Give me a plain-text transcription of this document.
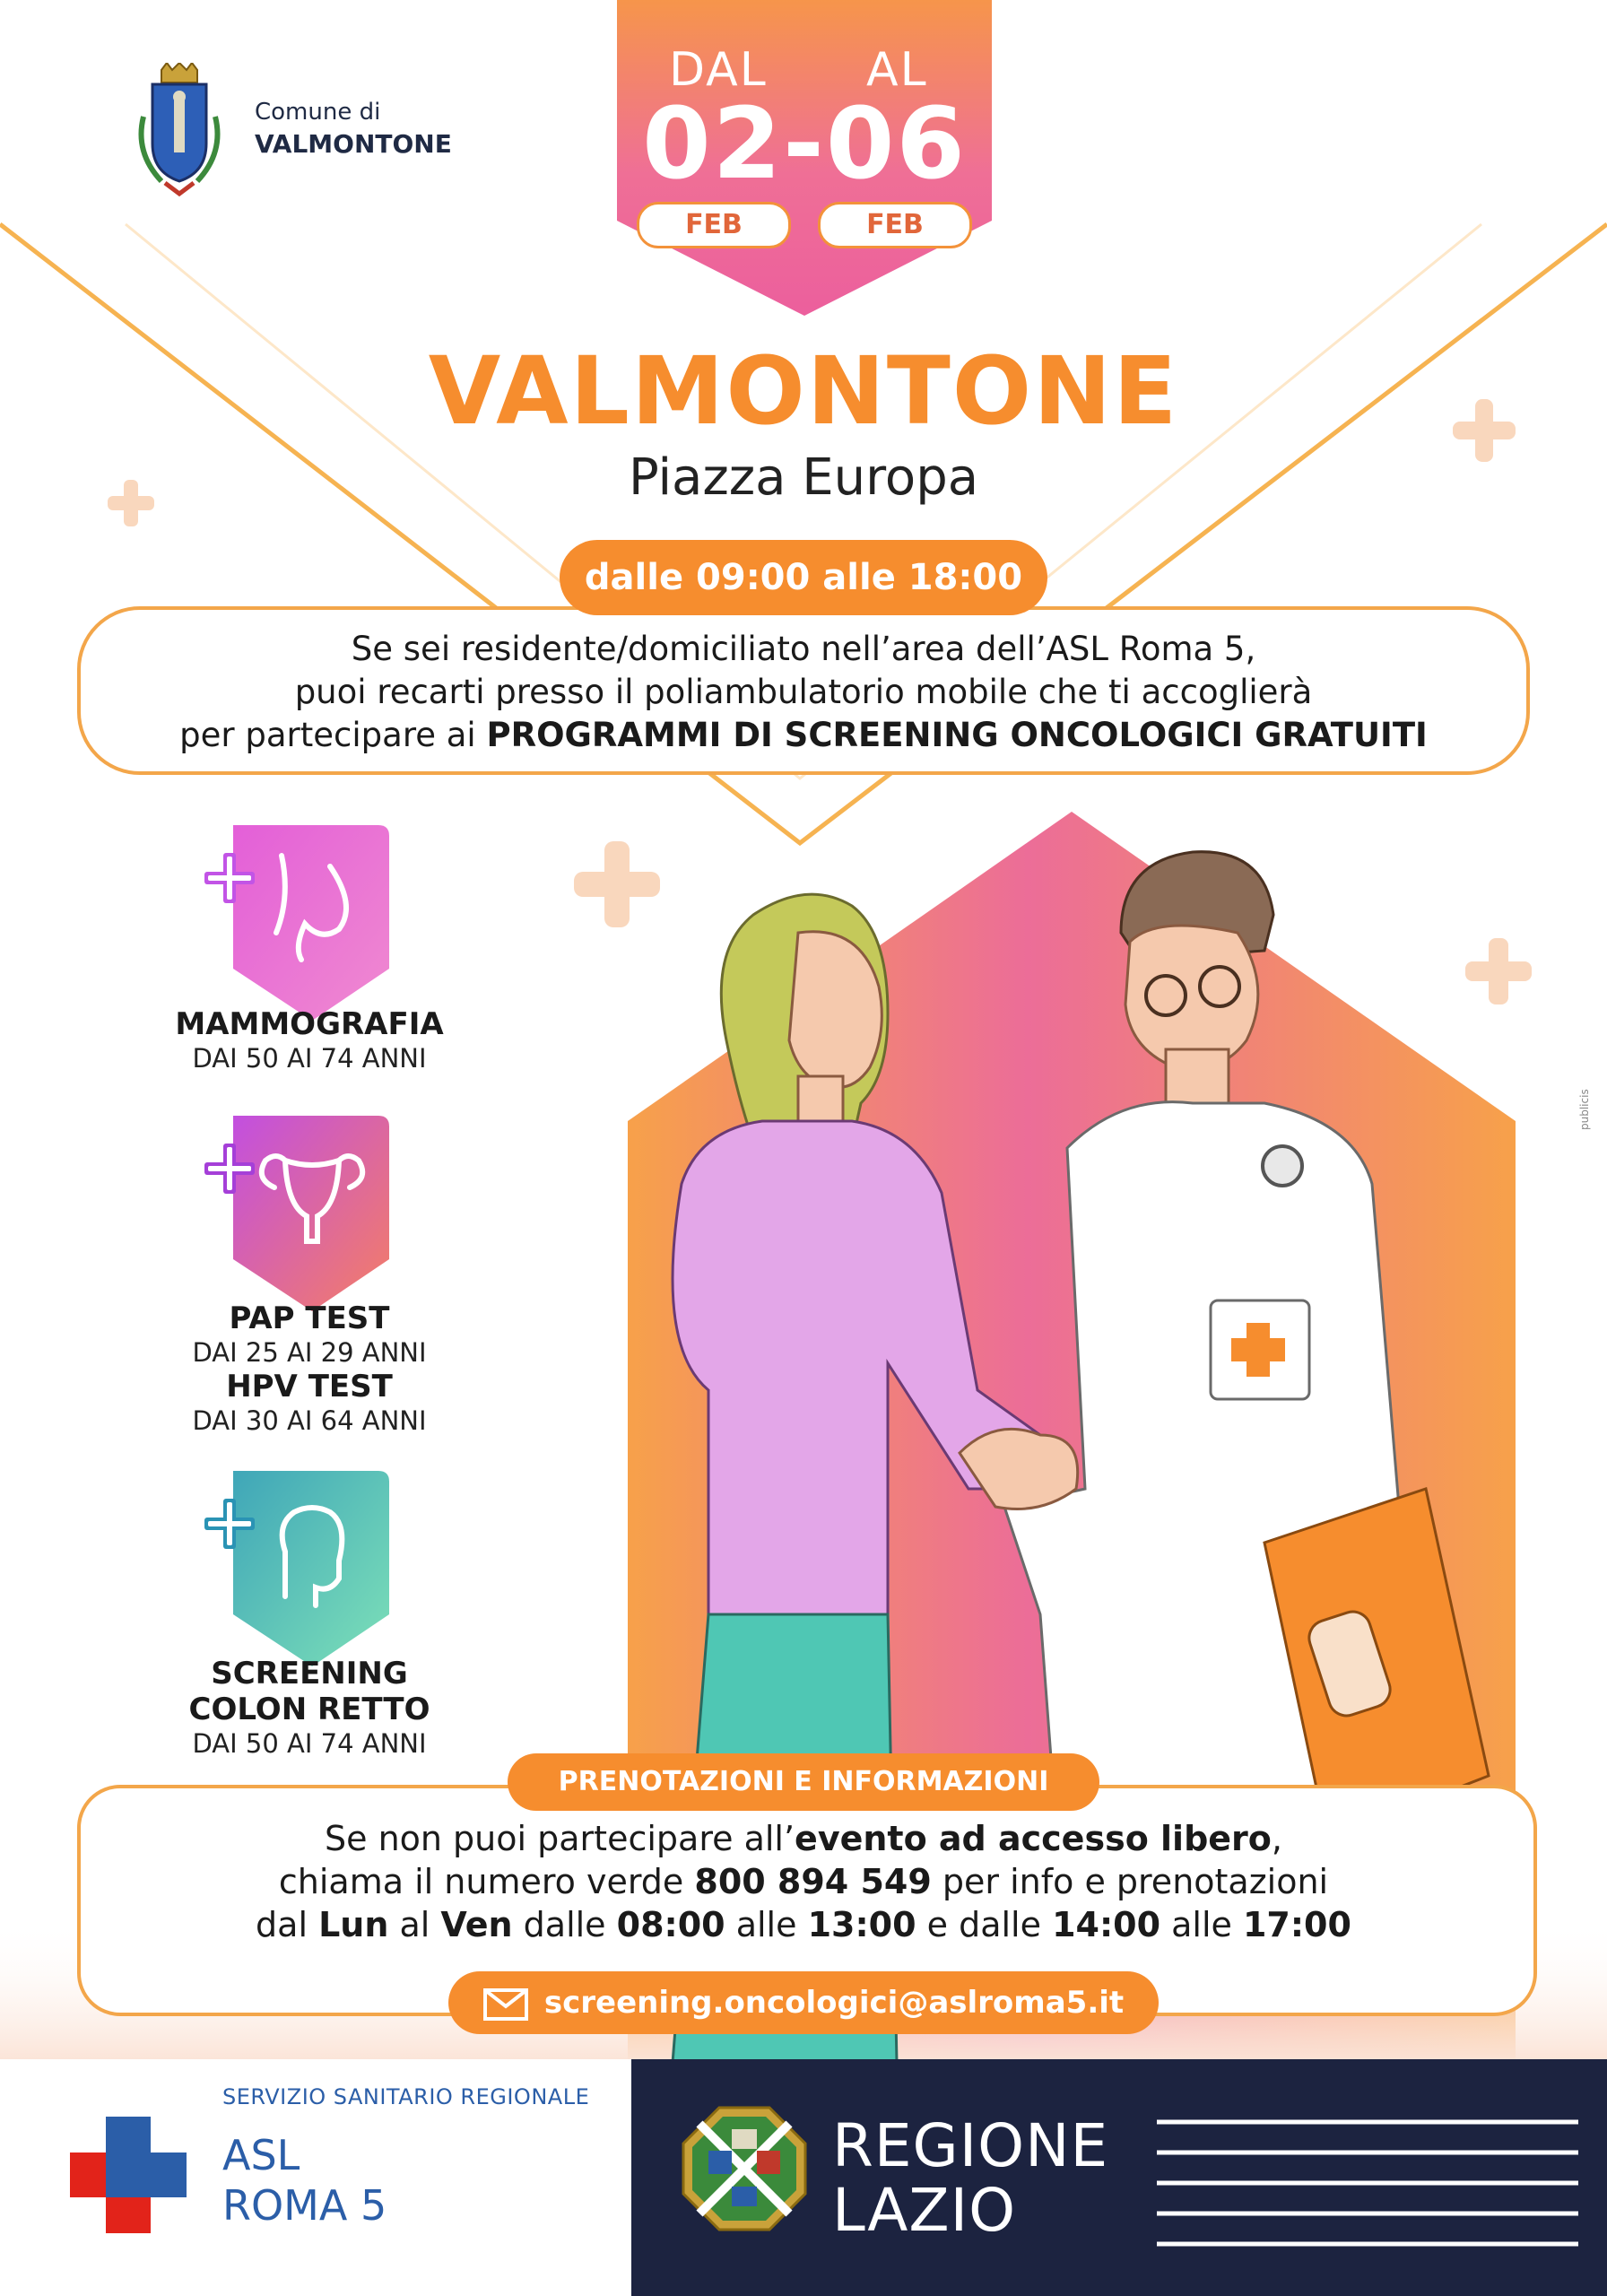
Comune di
VALMONTONE
DAL AL
02-06
FEB	FEB
VALMONTONE
Piazza Europa
Se sei residente/domiciliato nell’area dell’ASL Roma 5,
puoi recarti presso il poliambulatorio mobile che ti accoglierà
per partecipare ai PROGRAMMI DI SCREENING ONCOLOGICI GRATUITI
dalle 09:00 alle 18:00
MAMMOGRAFIA
DAI 50 AI 74 ANNI
PAP TEST
DAI 25 AI 29 ANNI
HPV TEST
DAI 30 AI 64 ANNI
SCREENING
COLON RETTO
DAI 50 AI 74 ANNI
PRENOTAZIONI E INFORMAZIONI
Se non puoi partecipare all’evento ad accesso libero,
chiama il numero verde 800 894 549 per info e prenotazioni
dal Lun al Ven dalle 08:00 alle 13:00 e dalle 14:00 alle 17:00
screening.oncologici@aslroma5.it
publicis
SERVIZIO SANITARIO REGIONALE
ASL
ROMA 5
REGIONE
LAZIO
